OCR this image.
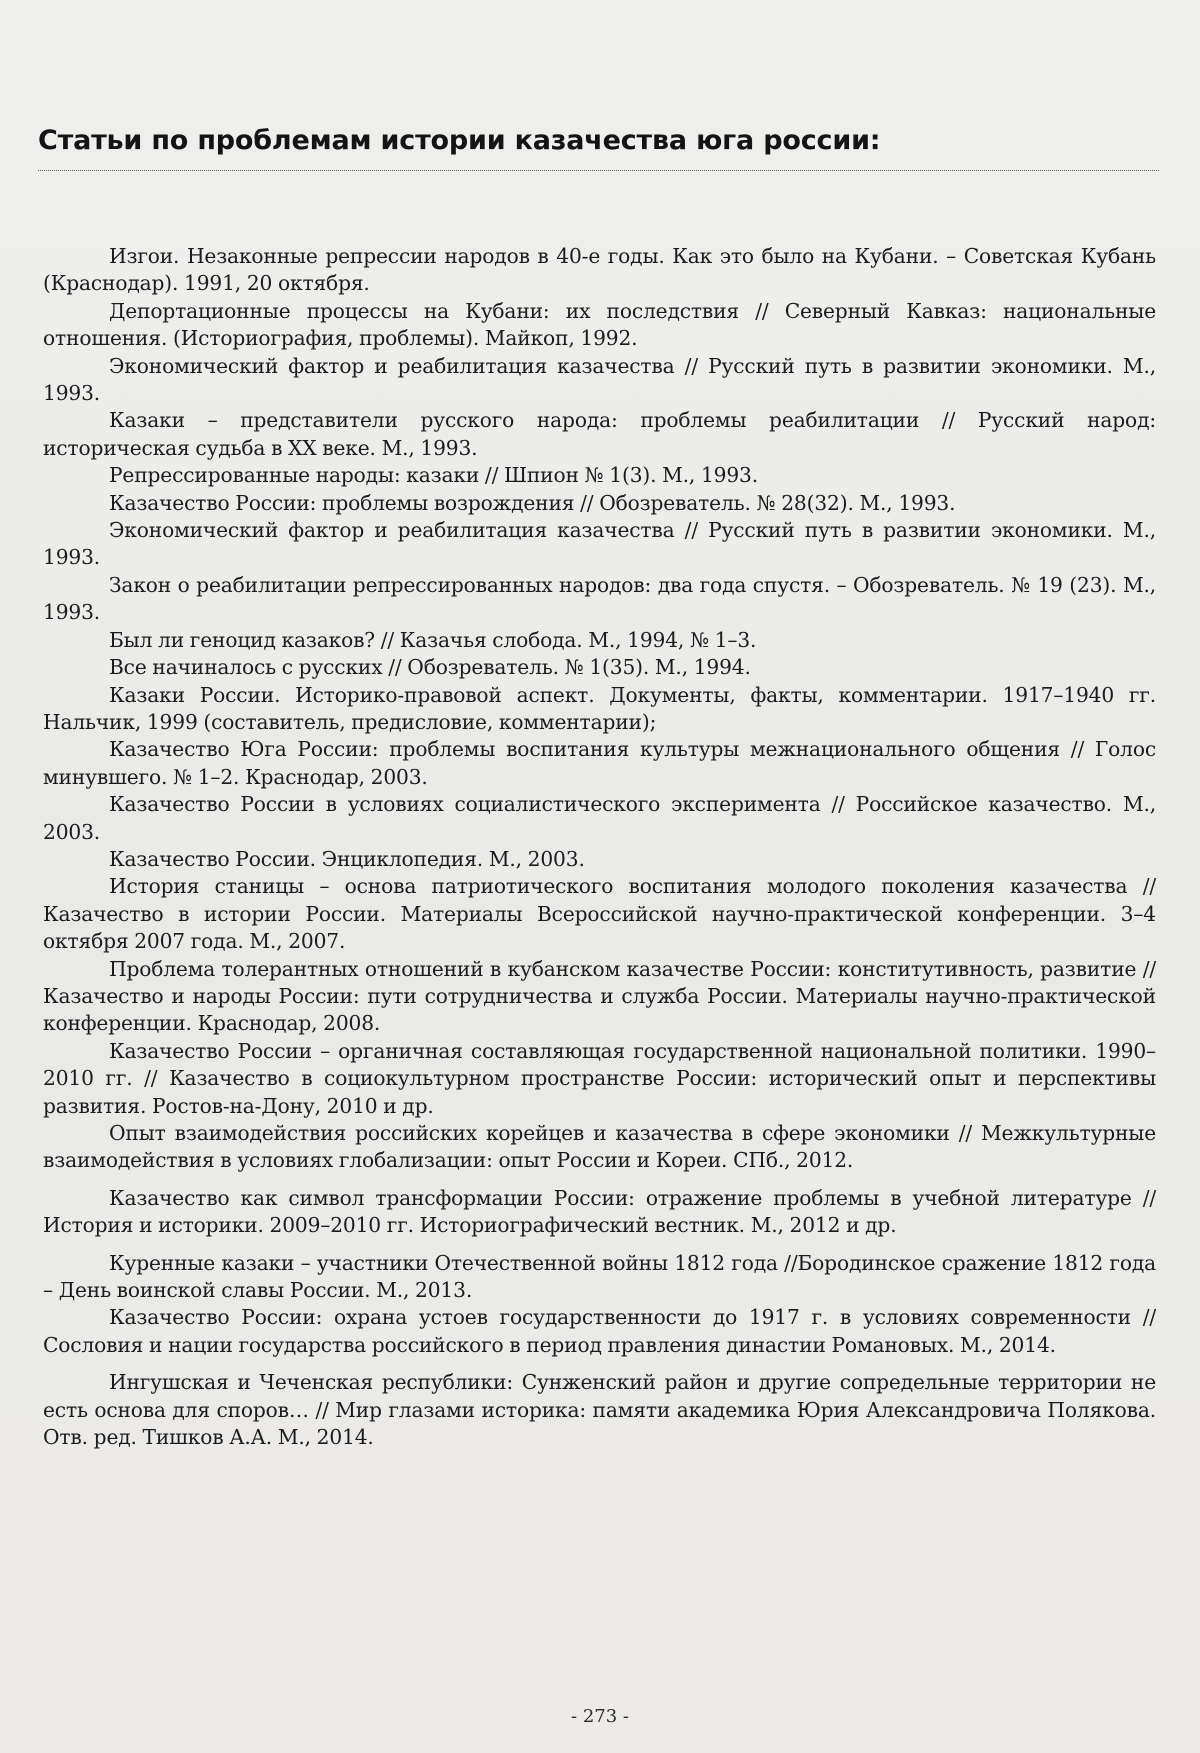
Статьи по проблемам истории казачества юга россии:

Изгои. Незаконные репрессии народов в 40-е годы. Как это было на Кубани. – Советская Кубань (Краснодар). 1991, 20 октября.

Депортационные процессы на Кубани: их последствия // Северный Кавказ: национальные отношения. (Историография, проблемы). Майкоп, 1992.

Экономический фактор и реабилитация казачества // Русский путь в развитии экономики. М., 1993.

Казаки – представители русского народа: проблемы реабилитации // Русский народ: историческая судьба в XX веке. М., 1993.

Репрессированные народы: казаки // Шпион № 1(3). М., 1993.

Казачество России: проблемы возрождения // Обозреватель. № 28(32). М., 1993.

Экономический фактор и реабилитация казачества // Русский путь в развитии экономики. М., 1993.

Закон о реабилитации репрессированных народов: два года спустя. – Обозреватель. № 19 (23). М., 1993.

Был ли геноцид казаков? // Казачья слобода. М., 1994, № 1–3.

Все начиналось с русских // Обозреватель. № 1(35). М., 1994.

Казаки России. Историко-правовой аспект. Документы, факты, комментарии. 1917–1940 гг. Нальчик, 1999 (составитель, предисловие, комментарии);

Казачество Юга России: проблемы воспитания культуры межнационального общения // Голос минувшего. № 1–2. Краснодар, 2003.

Казачество России в условиях социалистического эксперимента // Российское казачество. М., 2003.

Казачество России. Энциклопедия. М., 2003.

История станицы – основа патриотического воспитания молодого поколения казачества // Казачество в истории России. Материалы Всероссийской научно-практической конференции. 3–4 октября 2007 года. М., 2007.

Проблема толерантных отношений в кубанском казачестве России: конститутивность, развитие // Казачество и народы России: пути сотрудничества и служба России. Материалы научно-практической конференции. Краснодар, 2008.

Казачество России – органичная составляющая государственной национальной политики. 1990–2010 гг. // Казачество в социокультурном пространстве России: исторический опыт и перспективы развития. Ростов-на-Дону, 2010 и др.

Опыт взаимодействия российских корейцев и казачества в сфере экономики // Межкультурные взаимодействия в условиях глобализации: опыт России и Кореи. СПб., 2012.

Казачество как символ трансформации России: отражение проблемы в учебной литературе // История и историки. 2009–2010 гг. Историографический вестник. М., 2012 и др.

Куренные казаки – участники Отечественной войны 1812 года //Бородинское сражение 1812 года – День воинской славы России. М., 2013.

Казачество России: охрана устоев государственности до 1917 г. в условиях современности // Сословия и нации государства российского в период правления династии Романовых. М., 2014.

Ингушская и Чеченская республики: Сунженский район и другие сопредельные территории не есть основа для споров… // Мир глазами историка: памяти академика Юрия Александровича Полякова. Отв. ред. Тишков А.А. М., 2014.

- 273 -
